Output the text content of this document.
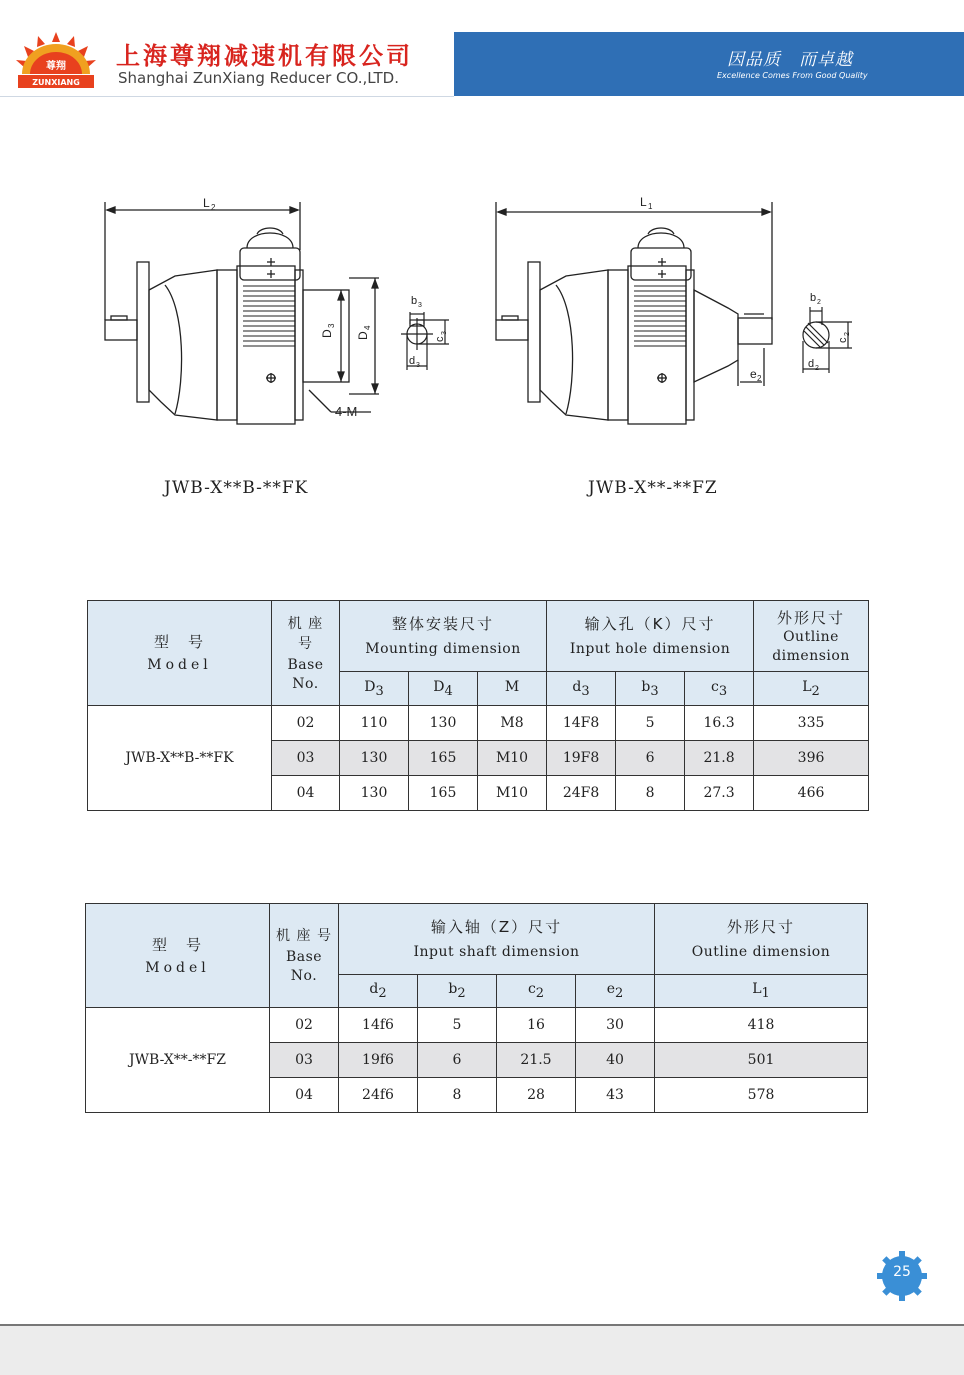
尊翔
ZUNXIANG
上海尊翔减速机有限公司
Shanghai ZunXiang Reducer CO.,LTD.
因品质　而卓越
Excellence Comes From Good Quality
L 2
D
3
D
4
4-M
b 3
c
3
d 3
JWB-X**B-**FK
L 1
e 2
b 2
c
2
d 2
JWB-X**-**FZ
型　号
Model	机 座 号
Base
No.	整体安装尺寸
Mounting dimension			输入孔（K）尺寸
Input hole dimension			外形尺寸
Outline dimension

		$D_3$	$D_4$	M	$d_3$	$b_3$	$c_3$	$L_2$
JWB-X**B-**FK	02	110	130	M8	14F8	5	16.3	335
	03	130	165	M10	19F8	6	21.8	396
	04	130	165	M10	24F8	8	27.3	466
型　号
Model	机 座 号
Base
No.	输入轴（Z）尺寸
Input shaft dimension				外形尺寸
Outline dimension

		$d_2$	$b_2$	$c_2$	$e_2$	$L_1$
JWB-X**-**FZ	02	14f6	5	16	30	418
	03	19f6	6	21.5	40	501
	04	24f6	8	28	43	578
25
